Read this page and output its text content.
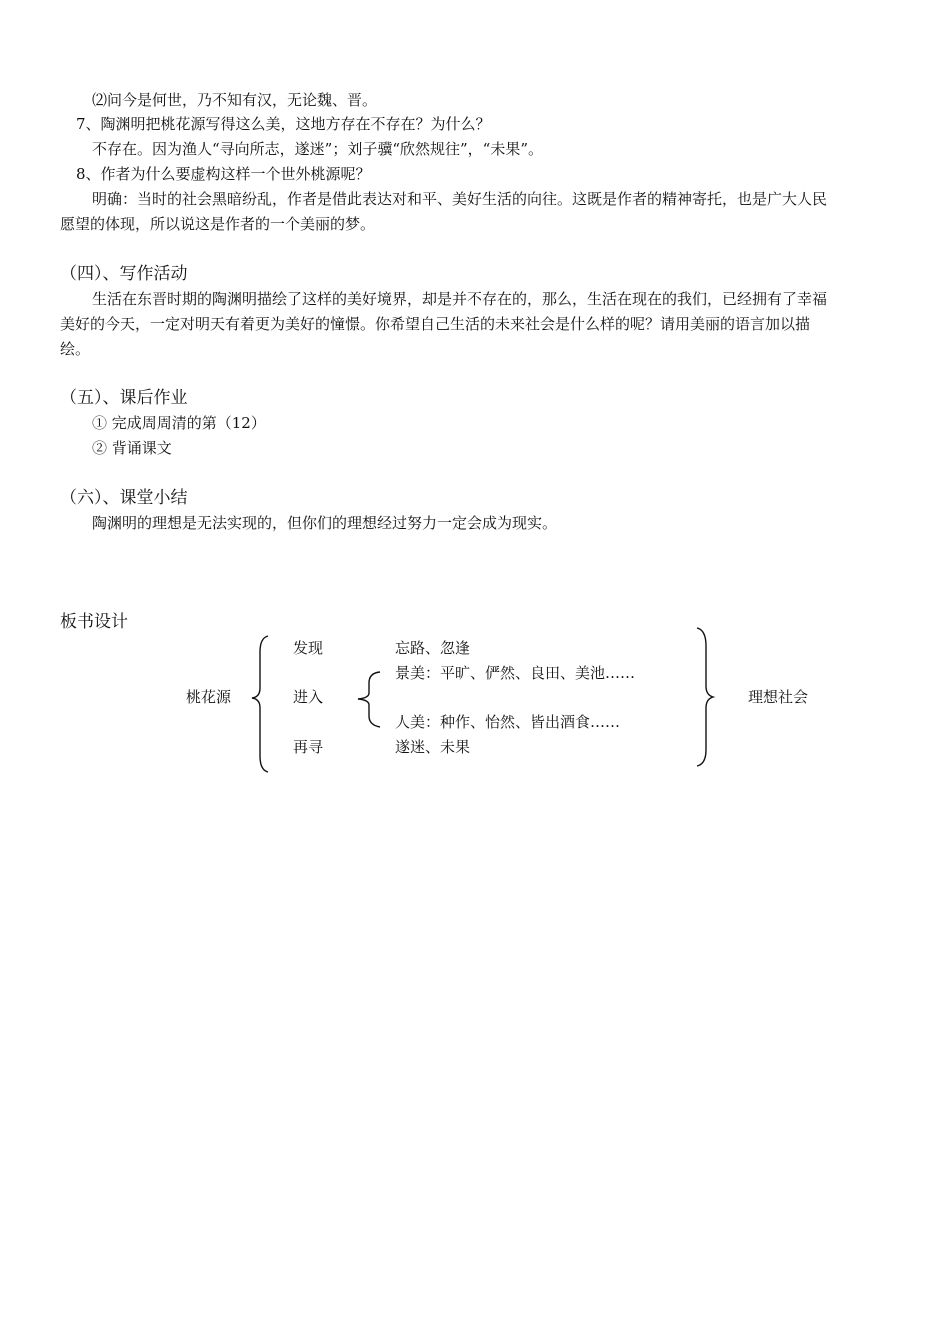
⑵问今是何世，乃不知有汉，无论魏、晋。
7、陶渊明把桃花源写得这么美，这地方存在不存在？为什么？
不存在。因为渔人“寻向所志，遂迷”；刘子骥“欣然规往”，“未果”。
8、作者为什么要虚构这样一个世外桃源呢？
明确：当时的社会黑暗纷乱，作者是借此表达对和平、美好生活的向往。这既是作者的精神寄托，也是广大人民
愿望的体现，所以说这是作者的一个美丽的梦。
（四）、写作活动
生活在东晋时期的陶渊明描绘了这样的美好境界，却是并不存在的，那么，生活在现在的我们，已经拥有了幸福
美好的今天，一定对明天有着更为美好的憧憬。你希望自己生活的未来社会是什么样的呢？请用美丽的语言加以描
绘。
（五）、课后作业
① 完成周周清的第（12）
② 背诵课文
（六）、课堂小结
陶渊明的理想是无法实现的，但你们的理想经过努力一定会成为现实。
板书设计
桃花源
发现	忘路、忽逢
进入
景美：平旷、俨然、良田、美池……
人美：种作、怡然、皆出酒食……
再寻	遂迷、未果
理想社会
